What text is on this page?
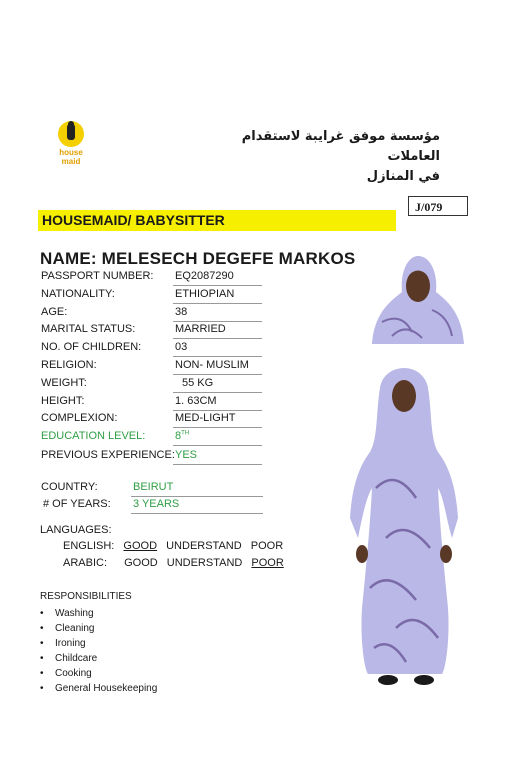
house
maid
مؤسسة موفق غرايبة لاستقدام العاملات
في المنازل
J/079
HOUSEMAID/ BABYSITTER
NAME: MELESECH DEGEFE MARKOS
PASSPORT NUMBER: EQ2087290
NATIONALITY:	ETHIOPIAN
AGE:	38
MARITAL STATUS:	MARRIED
NO. OF CHILDREN:	03
RELIGION:	NON- MUSLIM
WEIGHT:	55 KG
HEIGHT:	1. 63CM
COMPLEXION:	MED-LIGHT
EDUCATION LEVEL:	8TH
PREVIOUS EXPERIENCE: YES
COUNTRY:	BEIRUT
# OF YEARS: 3 YEARS
LANGUAGES:
ENGLISH: GOOD UNDERSTAND POOR
ARABIC: GOOD UNDERSTAND POOR
RESPONSIBILITIES
• Washing
• Cleaning
• Ironing
• Childcare
• Cooking
• General Housekeeping
